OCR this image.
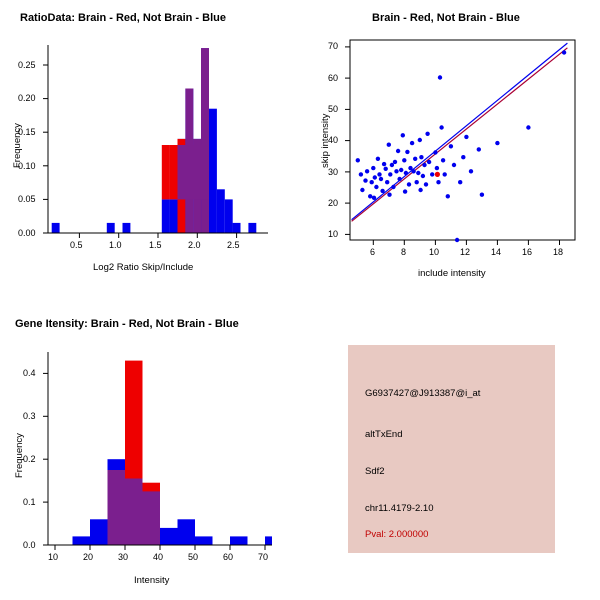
RatioData: Brain - Red, Not Brain - Blue
0.5	1.0	1.5	2.0	2.5
0.00
0.05
0.10
0.15
0.20
0.25
Log2 Ratio Skip/Include
Frequency
Brain - Red, Not Brain - Blue
6	8	10 12 14 16 18
10
20
30
40
50
60
70
include intensity
skip intensity
Gene Itensity: Brain - Red, Not Brain - Blue
10	20	30	40	50	60	70
0.0
0.1
0.2
0.3
0.4
Intensity
Frequency
G6937427@J913387@i_at
altTxEnd
Sdf2
chr11.4179-2.10
Pval: 2.000000
